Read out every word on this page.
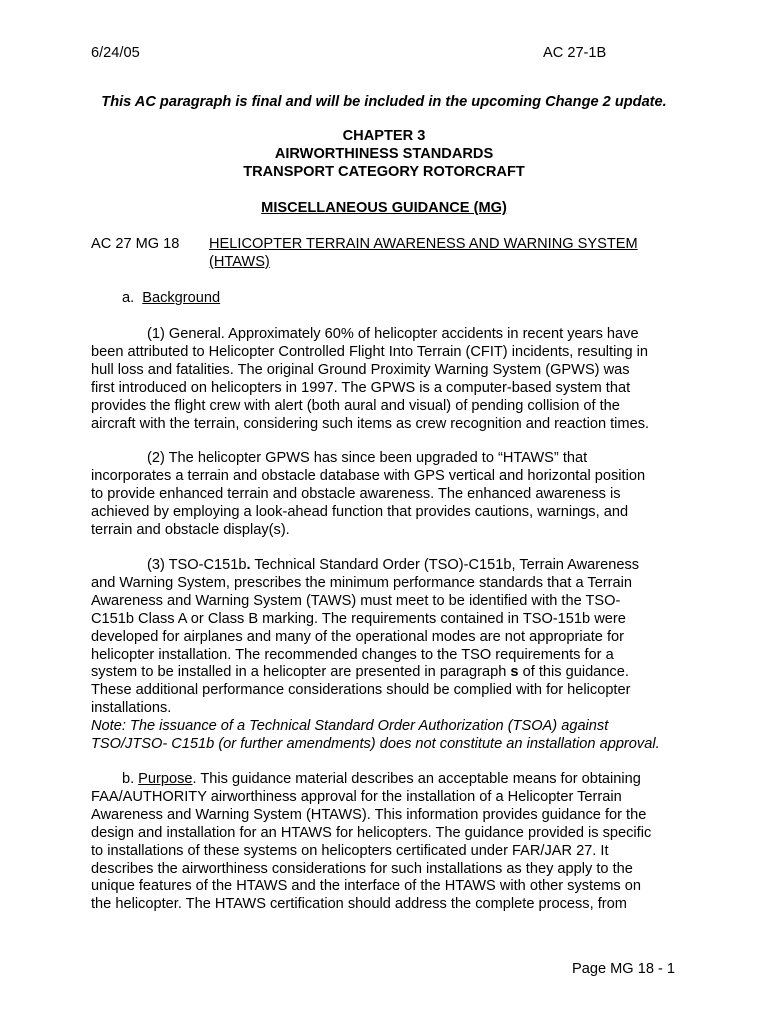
6/24/05	AC 27-1B
This AC paragraph is final and will be included in the upcoming Change 2 update.
CHAPTER 3
AIRWORTHINESS STANDARDS
TRANSPORT CATEGORY ROTORCRAFT
MISCELLANEOUS GUIDANCE (MG)
AC 27 MG 18 HELICOPTER TERRAIN AWARENESS AND WARNING SYSTEM
(HTAWS)
a. Background
(1) General. Approximately 60% of helicopter accidents in recent years have
been attributed to Helicopter Controlled Flight Into Terrain (CFIT) incidents, resulting in
hull loss and fatalities. The original Ground Proximity Warning System (GPWS) was
first introduced on helicopters in 1997. The GPWS is a computer-based system that
provides the flight crew with alert (both aural and visual) of pending collision of the
aircraft with the terrain, considering such items as crew recognition and reaction times.
(2) The helicopter GPWS has since been upgraded to “HTAWS” that
incorporates a terrain and obstacle database with GPS vertical and horizontal position
to provide enhanced terrain and obstacle awareness. The enhanced awareness is
achieved by employing a look-ahead function that provides cautions, warnings, and
terrain and obstacle display(s).
(3) TSO-C151b. Technical Standard Order (TSO)-C151b, Terrain Awareness
and Warning System, prescribes the minimum performance standards that a Terrain
Awareness and Warning System (TAWS) must meet to be identified with the TSO-
C151b Class A or Class B marking. The requirements contained in TSO-151b were
developed for airplanes and many of the operational modes are not appropriate for
helicopter installation. The recommended changes to the TSO requirements for a
system to be installed in a helicopter are presented in paragraph s of this guidance.
These additional performance considerations should be complied with for helicopter
installations.
Note: The issuance of a Technical Standard Order Authorization (TSOA) against
TSO/JTSO- C151b (or further amendments) does not constitute an installation approval.
b. Purpose. This guidance material describes an acceptable means for obtaining
FAA/AUTHORITY airworthiness approval for the installation of a Helicopter Terrain
Awareness and Warning System (HTAWS). This information provides guidance for the
design and installation for an HTAWS for helicopters. The guidance provided is specific
to installations of these systems on helicopters certificated under FAR/JAR 27. It
describes the airworthiness considerations for such installations as they apply to the
unique features of the HTAWS and the interface of the HTAWS with other systems on
the helicopter. The HTAWS certification should address the complete process, from
Page MG 18 - 1
